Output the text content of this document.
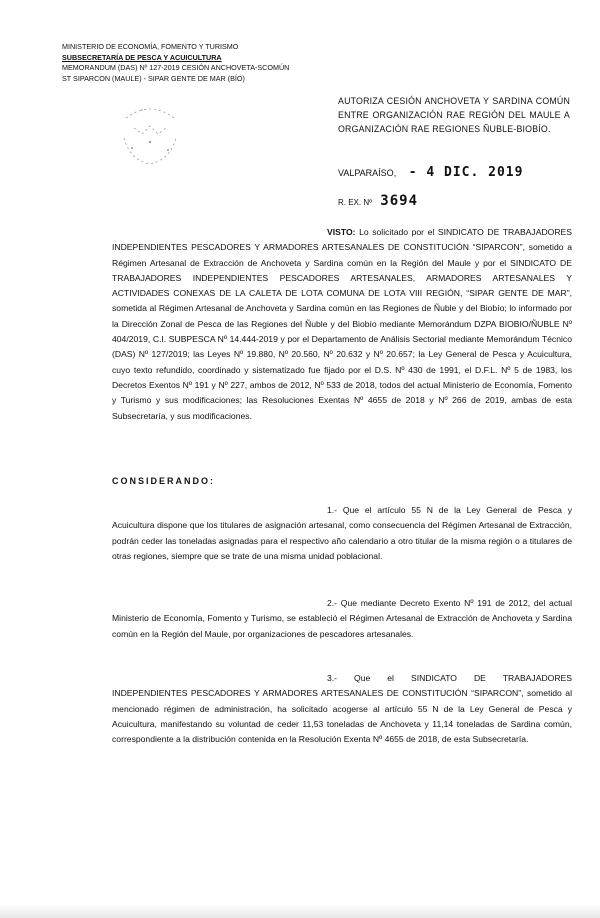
MINISTERIO DE ECONOMÍA, FOMENTO Y TURISMO
SUBSECRETARÍA DE PESCA Y ACUICULTURA
MEMORANDUM (DAS) Nº 127-2019 CESIÓN ANCHOVETA-SCOMÚN
ST SIPARCON (MAULE) - SIPAR GENTE DE MAR (BÍO)
AUTORIZA CESIÓN ANCHOVETA Y SARDINA COMÚN ENTRE ORGANIZACIÓN RAE REGIÓN DEL MAULE A ORGANIZACIÓN RAE REGIONES ÑUBLE-BIOBÍO.
VALPARAÍSO, - 4 DIC. 2019
R. EX. Nº 3694
VISTO: Lo solicitado por el SINDICATO DE TRABAJADORES INDEPENDIENTES PESCADORES Y ARMADORES ARTESANALES DE CONSTITUCIÓN “SIPARCON”, sometido a Régimen Artesanal de Extracción de Anchoveta y Sardina común en la Región del Maule y por el SINDICATO DE TRABAJADORES INDEPENDIENTES PESCADORES ARTESANALES, ARMADORES ARTESANALES Y ACTIVIDADES CONEXAS DE LA CALETA DE LOTA COMUNA DE LOTA VIII REGIÓN, “SIPAR GENTE DE MAR”, sometida al Régimen Artesanal de Anchoveta y Sardina común en las Regiones de Ñuble y del Biobío; lo informado por la Dirección Zonal de Pesca de las Regiones del Ñuble y del Biobío mediante Memorándum DZPA BIOBIO/ÑUBLE Nº 404/2019, C.I. SUBPESCA Nº 14.444-2019 y por el Departamento de Análisis Sectorial mediante Memorándum Técnico (DAS) Nº 127/2019; las Leyes Nº 19.880, Nº 20.560, Nº 20.632 y Nº 20.657; la Ley General de Pesca y Acuicultura, cuyo texto refundido, coordinado y sistematizado fue fijado por el D.S. Nº 430 de 1991, el D.F.L. Nº 5 de 1983, los Decretos Exentos Nº 191 y Nº 227, ambos de 2012, Nº 533 de 2018, todos del actual Ministerio de Economía, Fomento y Turismo y sus modificaciones; las Resoluciones Exentas Nº 4655 de 2018 y Nº 266 de 2019, ambas de esta Subsecretaría, y sus modificaciones.
CONSIDERANDO:
1.- Que el artículo 55 N de la Ley General de Pesca y Acuicultura dispone que los titulares de asignación artesanal, como consecuencia del Régimen Artesanal de Extracción, podrán ceder las toneladas asignadas para el respectivo año calendario a otro titular de la misma región o a titulares de otras regiones, siempre que se trate de una misma unidad poblacional.
2.- Que mediante Decreto Exento Nº 191 de 2012, del actual Ministerio de Economía, Fomento y Turismo, se estableció el Régimen Artesanal de Extracción de Anchoveta y Sardina común en la Región del Maule, por organizaciones de pescadores artesanales.
3.- Que el SINDICATO DE TRABAJADORES INDEPENDIENTES PESCADORES Y ARMADORES ARTESANALES DE CONSTITUCIÓN “SIPARCON”, sometido al mencionado régimen de administración, ha solicitado acogerse al artículo 55 N de la Ley General de Pesca y Acuicultura, manifestando su voluntad de ceder 11,53 toneladas de Anchoveta y 11,14 toneladas de Sardina común, correspondiente a la distribución contenida en la Resolución Exenta Nº 4655 de 2018, de esta Subsecretaría.
